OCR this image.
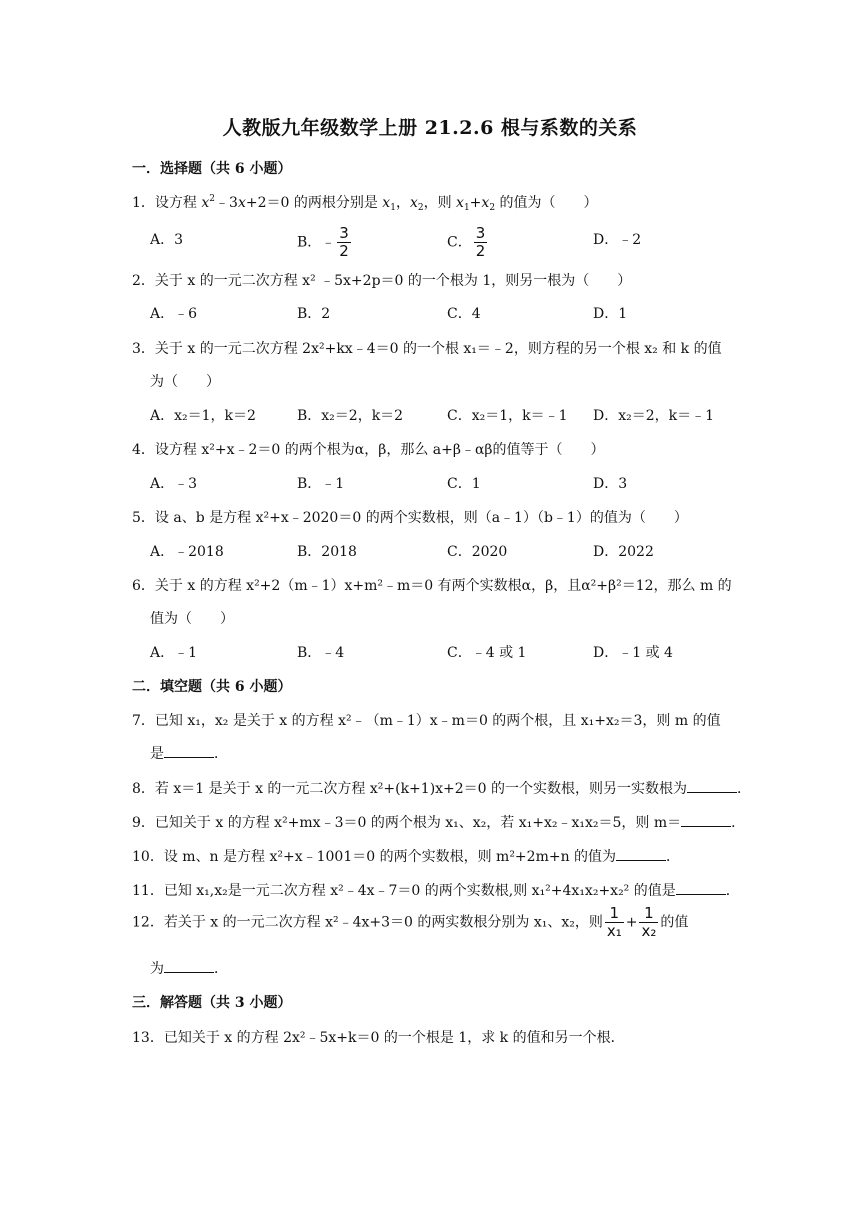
人教版九年级数学上册 21.2.6 根与系数的关系
一．选择题（共 6 小题）
1．设方程 $x^2﹣3x+2=0$ 的两根分别是 $x_1$，$x_2$，则 $x_1+x_2$ 的值为（　　）
A．3	B．﹣ $\frac{3}{2}$	C． $\frac{3}{2}$	D．﹣2
2．关于 x 的一元二次方程 x² ﹣5x+2p＝0 的一个根为 1，则另一根为（　　）
A．﹣6	B．2	C．4	D．1
3．关于 x 的一元二次方程 2x²+kx﹣4＝0 的一个根 x₁＝﹣2，则方程的另一个根 x₂ 和 k 的值
为（　　）
A．x₂＝1，k＝2	B．x₂＝2，k＝2	C．x₂＝1，k＝﹣1 D．x₂＝2，k＝﹣1
4．设方程 x²+x﹣2＝0 的两个根为α，β，那么 a+β﹣αβ的值等于（　　）
A．﹣3	B．﹣1	C．1	D．3
5．设 a、b 是方程 x²+x﹣2020＝0 的两个实数根，则（a﹣1）（b﹣1）的值为（　　）
A．﹣2018	B．2018	C．2020	D．2022
6．关于 x 的方程 x²+2（m﹣1）x+m²﹣m＝0 有两个实数根α，β，且α²+β²＝12，那么 m 的
值为（　　）
A．﹣1	B．﹣4	C．﹣4 或 1	D．﹣1 或 4
二．填空题（共 6 小题）
7．已知 x₁，x₂ 是关于 x 的方程 x²﹣（m﹣1）x﹣m＝0 的两个根，且 x₁+x₂＝3，则 m 的值
是	．
8．若 x＝1 是关于 x 的一元二次方程 x²+(k+1)x+2＝0 的一个实数根，则另一实数根为	．
9．已知关于 x 的方程 x²+mx﹣3＝0 的两个根为 x₁、x₂，若 x₁+x₂﹣x₁x₂＝5，则 m＝	．
10．设 m、n 是方程 x²+x﹣1001＝0 的两个实数根，则 m²+2m+n 的值为	．
11．已知 x₁,x₂是一元二次方程 x²﹣4x﹣7＝0 的两个实数根,则 x₁²+4x₁x₂+x₂² 的值是	．
12．若关于 x 的一元二次方程 x²﹣4x+3＝0 的两实数根分别为 x₁、x₂，则 $\frac{1}{\text{x₁}} + \frac{1}{\text{x₂}}$ 的值
为	．
三．解答题（共 3 小题）
13．已知关于 x 的方程 2x²﹣5x+k＝0 的一个根是 1，求 k 的值和另一个根．
